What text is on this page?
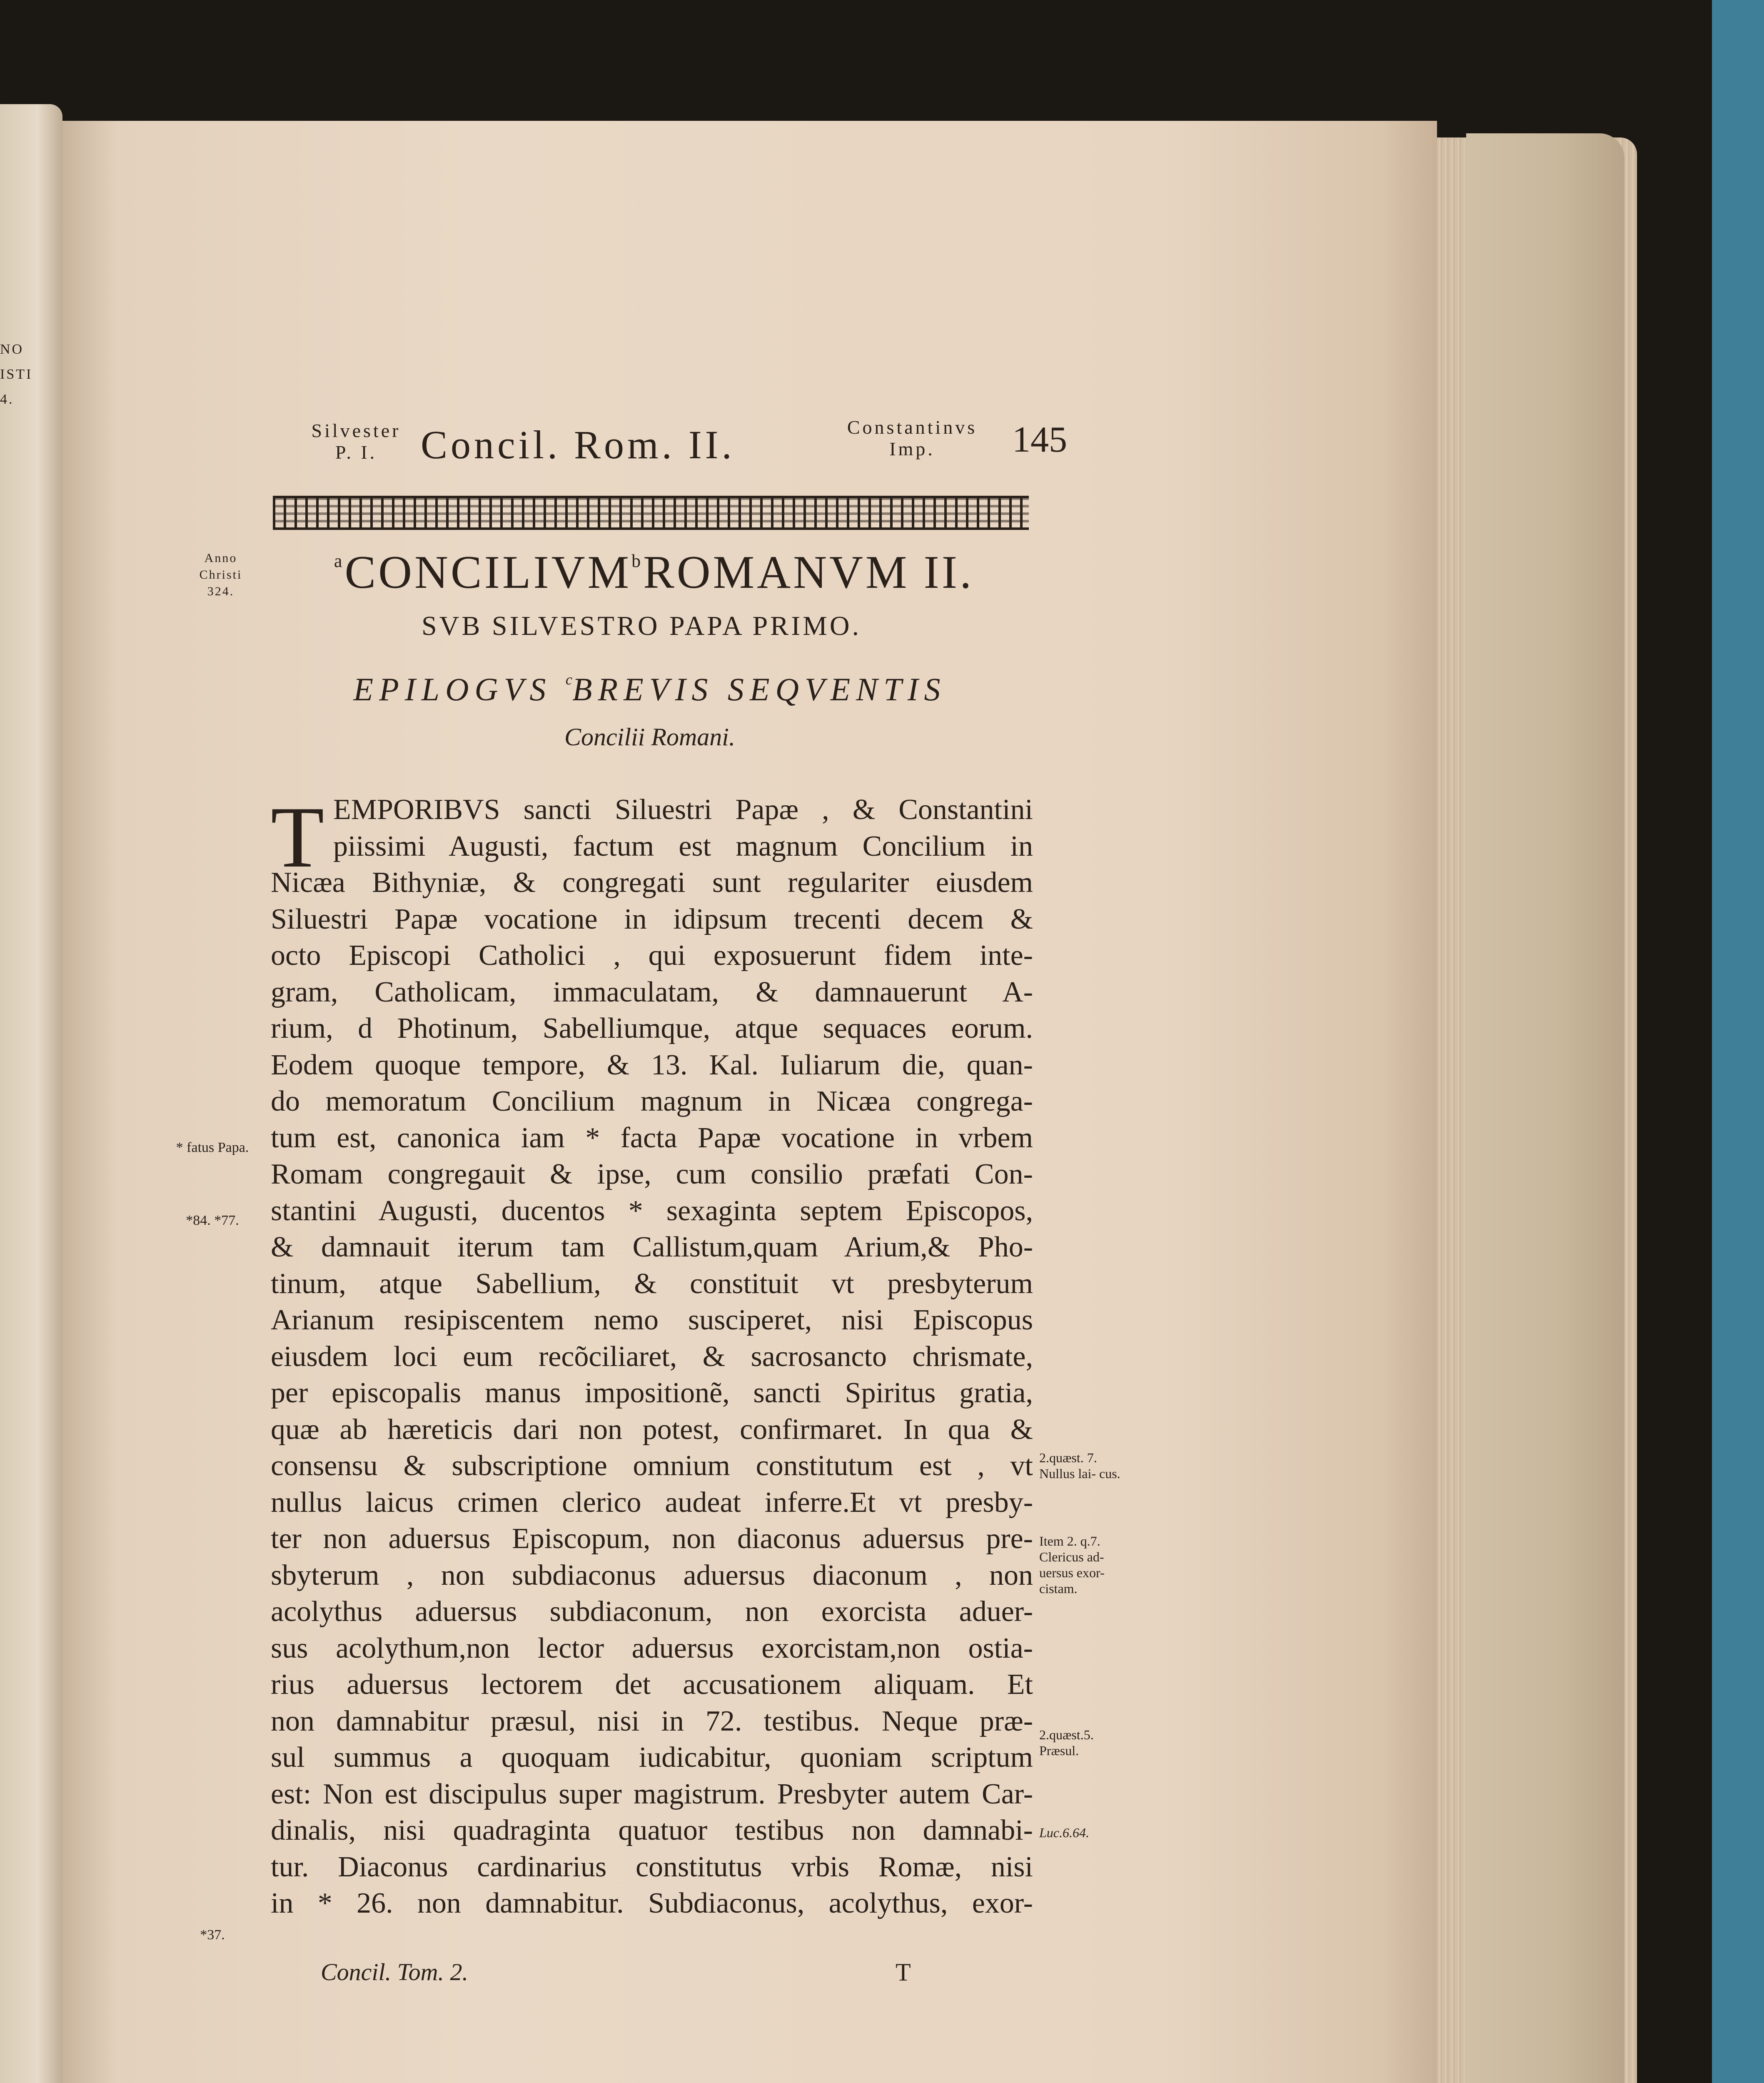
NO
ISTI
4.
Silvester
P. I.	Concil. Rom. II.	Constantinvs
Imp.	145
Anno
Christi
324.
$^a$CONCILIVM$^b$ROMANVM II.
SVB SILVESTRO PAPA PRIMO.
EPILOGVS $^c$BREVIS SEQVENTIS
Concilii Romani.
T EMPORIBVS sancti Siluestri Papæ , & Constantini
piissimi Augusti, factum est magnum Concilium in
Nicæa Bithyniæ, & congregati sunt regulariter eiusdem
Siluestri Papæ vocatione in idipsum trecenti decem &
octo Episcopi Catholici , qui exposuerunt fidem inte-
gram, Catholicam, immaculatam, & damnauerunt A-
rium, d Photinum, Sabelliumque, atque sequaces eorum.
Eodem quoque tempore, & 13. Kal. Iuliarum die, quan-
do memoratum Concilium magnum in Nicæa congrega-
tum est, canonica iam * facta Papæ vocatione in vrbem
Romam congregauit & ipse, cum consilio præfati Con-
stantini Augusti, ducentos * sexaginta septem Episcopos,
& damnauit iterum tam Callistum,quam Arium,& Pho-
tinum, atque Sabellium, & constituit vt presbyterum
Arianum resipiscentem nemo susciperet, nisi Episcopus
eiusdem loci eum recõciliaret, & sacrosancto chrismate,
per episcopalis manus impositionẽ, sancti Spiritus gratia,
quæ ab hæreticis dari non potest, confirmaret. In qua &
consensu & subscriptione omnium constitutum est , vt
nullus laicus crimen clerico audeat inferre.Et vt presby-
ter non aduersus Episcopum, non diaconus aduersus pre-
sbyterum , non subdiaconus aduersus diaconum , non
acolythus aduersus subdiaconum, non exorcista aduer-
sus acolythum,non lector aduersus exorcistam,non ostia-
rius aduersus lectorem det accusationem aliquam. Et
non damnabitur præsul, nisi in 72. testibus. Neque præ-
sul summus a quoquam iudicabitur, quoniam scriptum
est: Non est discipulus super magistrum. Presbyter autem Car-
dinalis, nisi quadraginta quatuor testibus non damnabi-
tur. Diaconus cardinarius constitutus vrbis Romæ, nisi
in * 26. non damnabitur. Subdiaconus, acolythus, exor-
* fatus Papa.
*84. *77.
*37.
2.quæst. 7. Nullus lai- cus.
Item 2. q.7. Clericus ad- uersus exor- cistam.
2.quæst.5. Præsul.
Luc.6.64.
Concil. Tom. 2.	T
